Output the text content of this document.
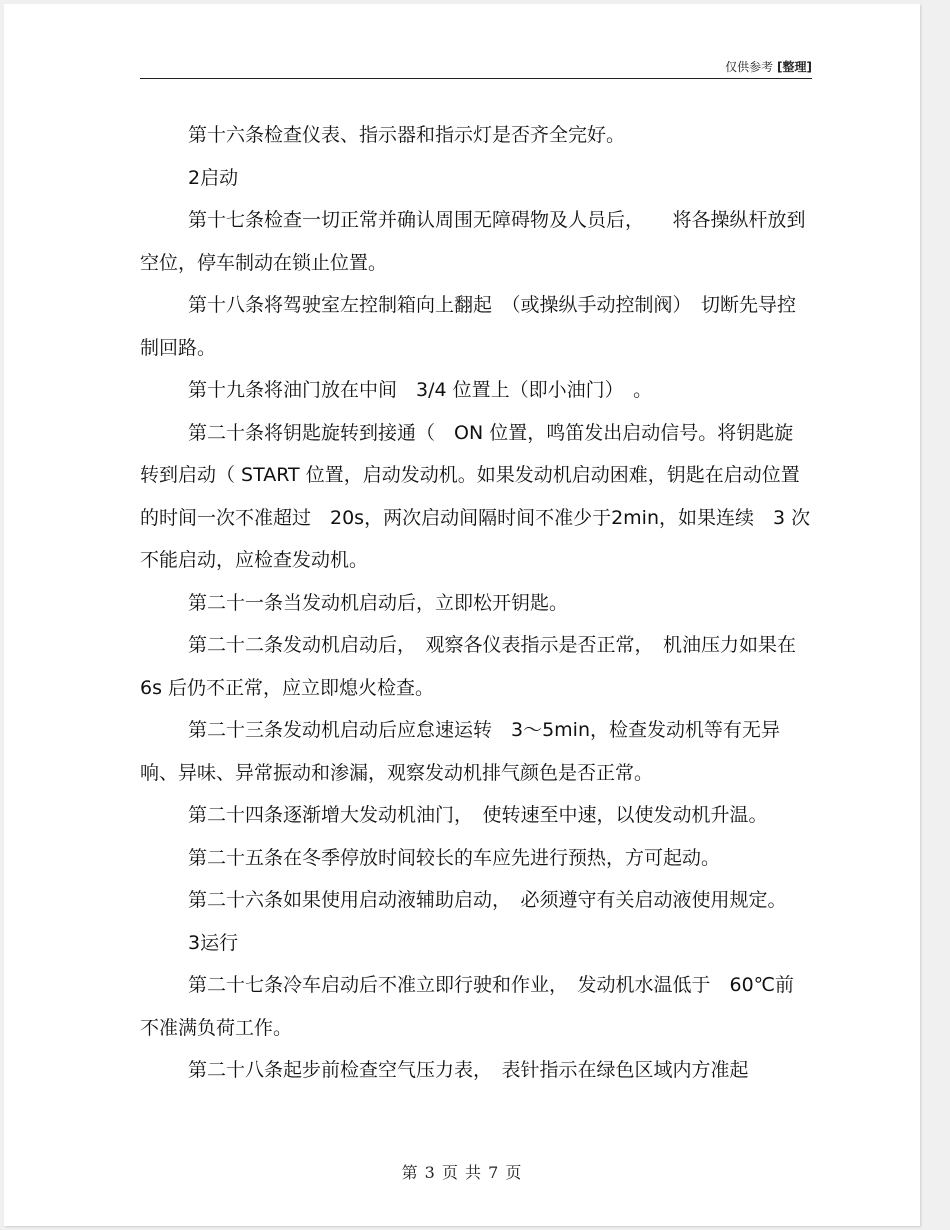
仅供参考 [整理]

第十六条检查仪表、指示器和指示灯是否齐全完好。

2启动

第十七条检查一切正常并确认周围无障碍物及人员后，　　将各操纵杆放到空位，停车制动在锁止位置。

第十八条将驾驶室左控制箱向上翻起　（或操纵手动控制阀）　切断先导控制回路。

第十九条将油门放在中间　3/4 位置上（即小油门）　。

第二十条将钥匙旋转到接通（　ON 位置，鸣笛发出启动信号。将钥匙旋转到启动（ START 位置，启动发动机。如果发动机启动困难，钥匙在启动位置的时间一次不准超过　20s，两次启动间隔时间不准少于2min，如果连续　3 次不能启动，应检查发动机。

第二十一条当发动机启动后，立即松开钥匙。

第二十二条发动机启动后，　观察各仪表指示是否正常，　机油压力如果在　6s 后仍不正常，应立即熄火检查。

第二十三条发动机启动后应怠速运转　3～5min，检查发动机等有无异响、异味、异常振动和渗漏，观察发动机排气颜色是否正常。

第二十四条逐渐增大发动机油门，　使转速至中速，以使发动机升温。

第二十五条在冬季停放时间较长的车应先进行预热，方可起动。

第二十六条如果使用启动液辅助启动，　必须遵守有关启动液使用规定。

3运行

第二十七条冷车启动后不准立即行驶和作业，　发动机水温低于　60℃前不准满负荷工作。

第二十八条起步前检查空气压力表，　表针指示在绿色区域内方准起

第 3 页 共 7 页
